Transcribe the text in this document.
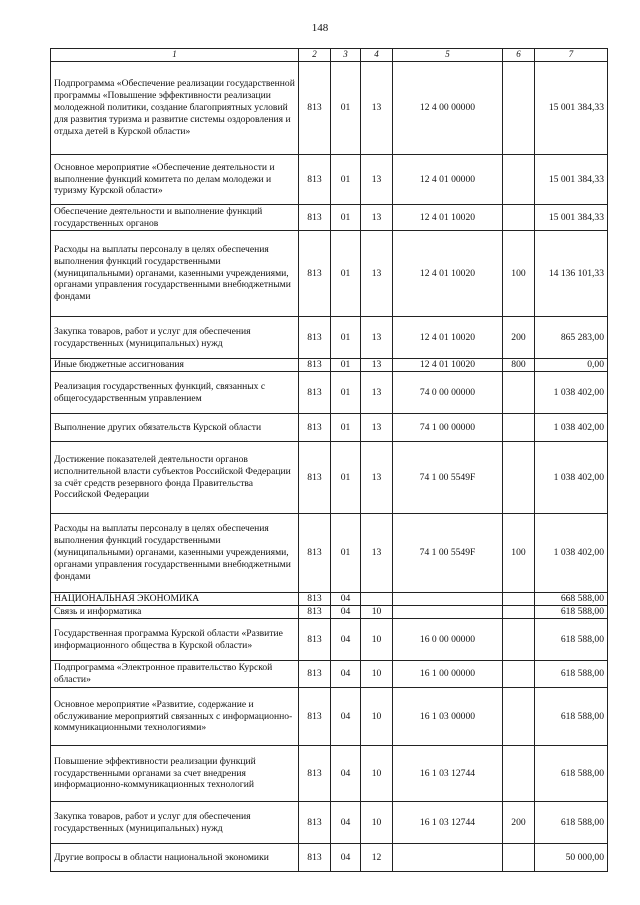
148
1	2	3	4	5	6	7
Подпрограмма «Обеспечение реализации государственной программы «Повышение эффективности реализации молодежной политики, создание благоприятных условий для развития туризма и развитие системы оздоровления и отдыха детей в Курской области»	813	01	13	12 4 00 00000		15 001 384,33
Основное мероприятие «Обеспечение деятельности и выполнение функций комитета по делам молодежи и туризму Курской области»	813	01	13	12 4 01 00000		15 001 384,33
Обеспечение деятельности и выполнение функций государственных органов	813	01	13	12 4 01 10020		15 001 384,33
Расходы на выплаты персоналу в целях обеспечения выполнения функций государственными (муниципальными) органами, казенными учреждениями, органами управления государственными внебюджетными фондами	813	01	13	12 4 01 10020	100	14 136 101,33
Закупка товаров, работ и услуг для обеспечения государственных (муниципальных) нужд	813	01	13	12 4 01 10020	200	865 283,00
Иные бюджетные ассигнования	813	01	13	12 4 01 10020	800	0,00
Реализация государственных функций, связанных с общегосударственным управлением	813	01	13	74 0 00 00000		1 038 402,00
Выполнение других обязательств Курской области	813	01	13	74 1 00 00000		1 038 402,00
Достижение показателей деятельности органов исполнительной власти субъектов Российской Федерации за счёт средств резервного фонда Правительства Российской Федерации	813	01	13	74 1 00 5549F		1 038 402,00
Расходы на выплаты персоналу в целях обеспечения выполнения функций государственными (муниципальными) органами, казенными учреждениями, органами управления государственными внебюджетными фондами	813	01	13	74 1 00 5549F	100	1 038 402,00
НАЦИОНАЛЬНАЯ ЭКОНОМИКА	813	04				668 588,00
Связь и информатика	813	04	10			618 588,00
Государственная программа Курской области «Развитие информационного общества в Курской области»	813	04	10	16 0 00 00000		618 588,00
Подпрограмма «Электронное правительство Курской области»	813	04	10	16 1 00 00000		618 588,00
Основное мероприятие «Развитие, содержание и обслуживание мероприятий связанных с информационно-коммуникационными технологиями»	813	04	10	16 1 03 00000		618 588,00
Повышение эффективности реализации функций государственными органами за счет внедрения информационно-коммуникационных технологий	813	04	10	16 1 03 12744		618 588,00
Закупка товаров, работ и услуг для обеспечения государственных (муниципальных) нужд	813	04	10	16 1 03 12744	200	618 588,00
Другие вопросы в области национальной экономики	813	04	12			50 000,00
